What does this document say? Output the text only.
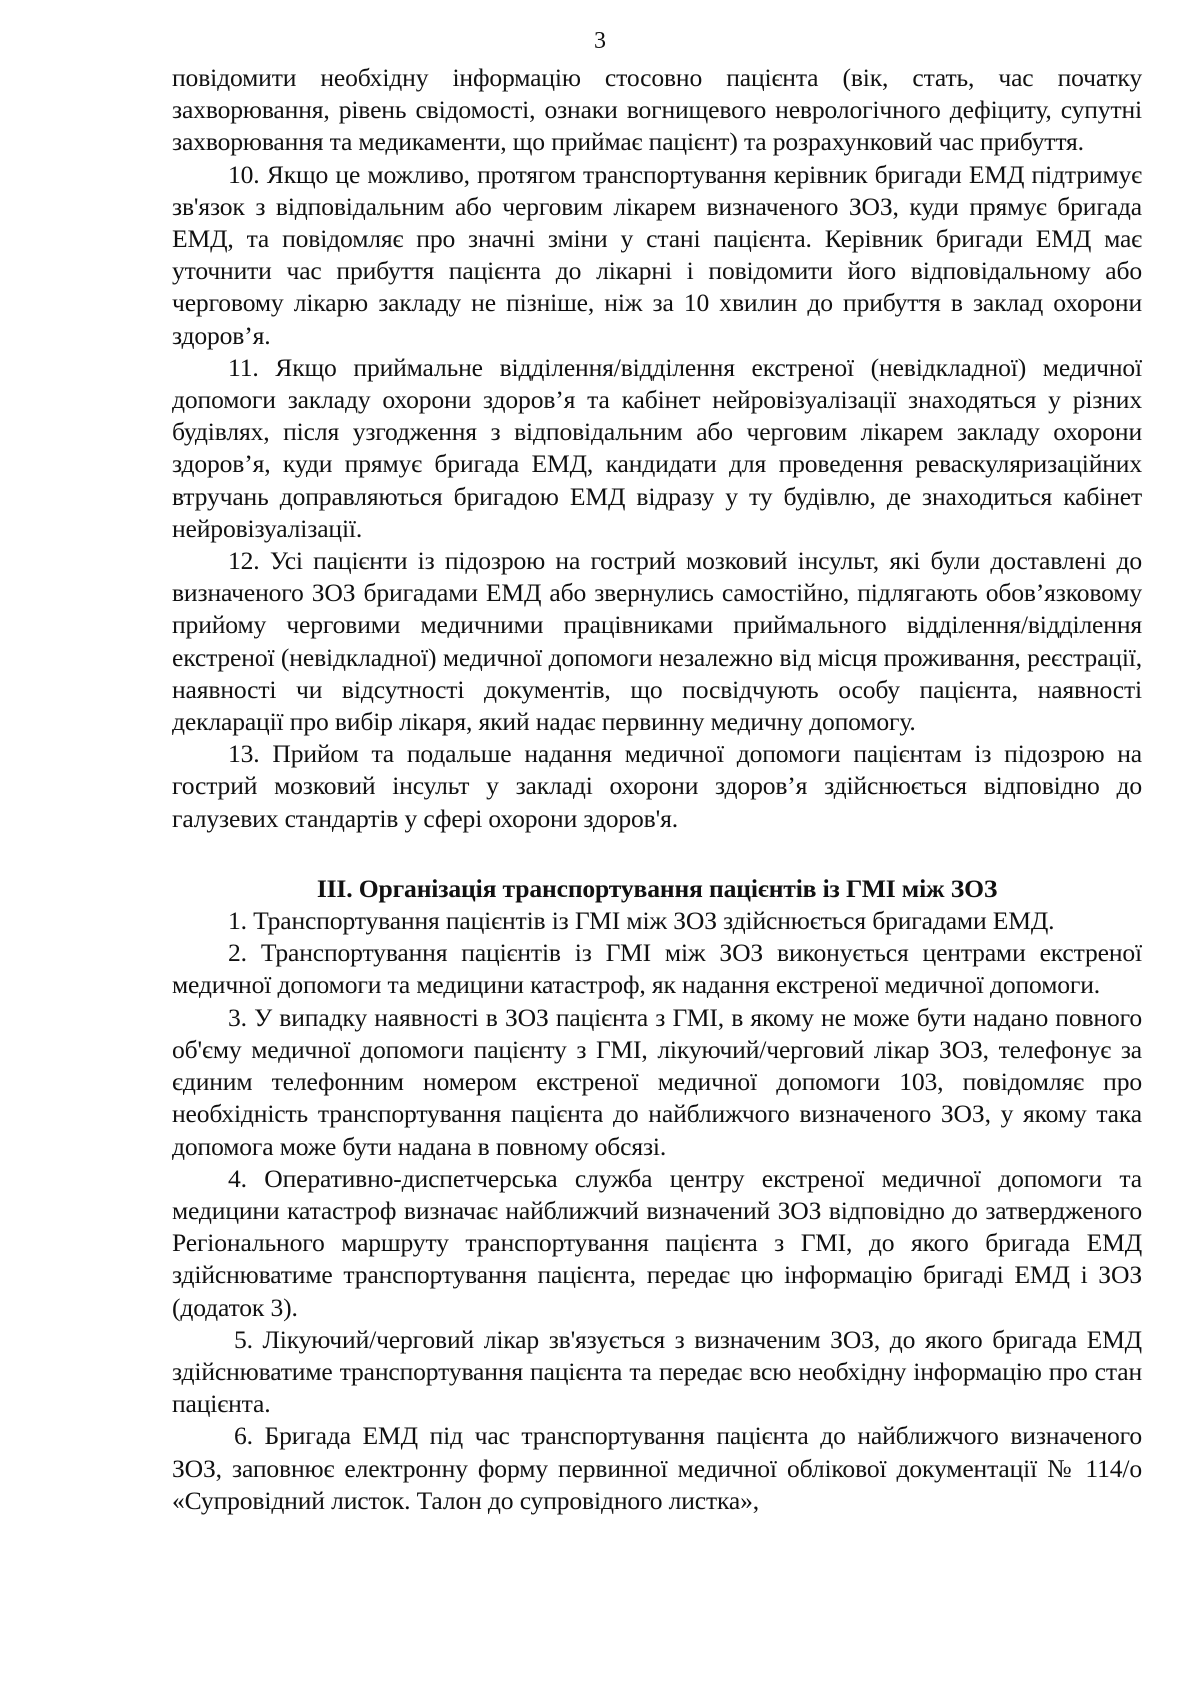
3

повідомити необхідну інформацію стосовно пацієнта (вік, стать, час початку захворювання, рівень свідомості, ознаки вогнищевого неврологічного дефіциту, супутні захворювання та медикаменти, що приймає пацієнт) та розрахунковий час прибуття.

10. Якщо це можливо, протягом транспортування керівник бригади ЕМД підтримує зв'язок з відповідальним або черговим лікарем визначеного ЗОЗ, куди прямує бригада ЕМД, та повідомляє про значні зміни у стані пацієнта. Керівник бригади ЕМД має уточнити час прибуття пацієнта до лікарні і повідомити його відповідальному або черговому лікарю закладу не пізніше, ніж за 10 хвилин до прибуття в заклад охорони здоров’я.

11. Якщо приймальне відділення/відділення екстреної (невідкладної) медичної допомоги закладу охорони здоров’я та кабінет нейровізуалізації знаходяться у різних будівлях, після узгодження з відповідальним або черговим лікарем закладу охорони здоров’я, куди прямує бригада ЕМД, кандидати для проведення реваскуляризаційних втручань доправляються бригадою ЕМД відразу у ту будівлю, де знаходиться кабінет нейровізуалізації.

12. Усі пацієнти із підозрою на гострий мозковий інсульт, які були доставлені до визначеного ЗОЗ бригадами ЕМД або звернулись самостійно, підлягають обов’язковому прийому черговими медичними працівниками приймального відділення/відділення екстреної (невідкладної) медичної допомоги незалежно від місця проживання, реєстрації, наявності чи відсутності документів, що посвідчують особу пацієнта, наявності декларації про вибір лікаря, який надає первинну медичну допомогу.

13. Прийом та подальше надання медичної допомоги пацієнтам із підозрою на гострий мозковий інсульт у закладі охорони здоров’я здійснюється відповідно до галузевих стандартів у сфері охорони здоров'я.

ІІІ. Організація транспортування пацієнтів із ГМІ між ЗОЗ

1. Транспортування пацієнтів із ГМІ між ЗОЗ здійснюється бригадами ЕМД.

2. Транспортування пацієнтів із ГМІ між ЗОЗ виконується центрами екстреної медичної допомоги та медицини катастроф, як надання екстреної медичної допомоги.

3. У випадку наявності в ЗОЗ пацієнта з ГМІ, в якому не може бути надано повного об'єму медичної допомоги пацієнту з ГМІ, лікуючий/черговий лікар ЗОЗ, телефонує за єдиним телефонним номером екстреної медичної допомоги 103, повідомляє про необхідність транспортування пацієнта до найближчого визначеного ЗОЗ, у якому така допомога може бути надана в повному обсязі.

4. Оперативно-диспетчерська служба центру екстреної медичної допомоги та медицини катастроф визначає найближчий визначений ЗОЗ відповідно до затвердженого Регіонального маршруту транспортування пацієнта з ГМІ, до якого бригада ЕМД здійснюватиме транспортування пацієнта, передає цю інформацію бригаді ЕМД і ЗОЗ (додаток 3).

5. Лікуючий/черговий лікар зв'язується з визначеним ЗОЗ, до якого бригада ЕМД здійснюватиме транспортування пацієнта та передає всю необхідну інформацію про стан пацієнта.

6. Бригада ЕМД під час транспортування пацієнта до найближчого визначеного ЗОЗ, заповнює електронну форму первинної медичної облікової документації № 114/о «Супровідний листок. Талон до супровідного листка»,
